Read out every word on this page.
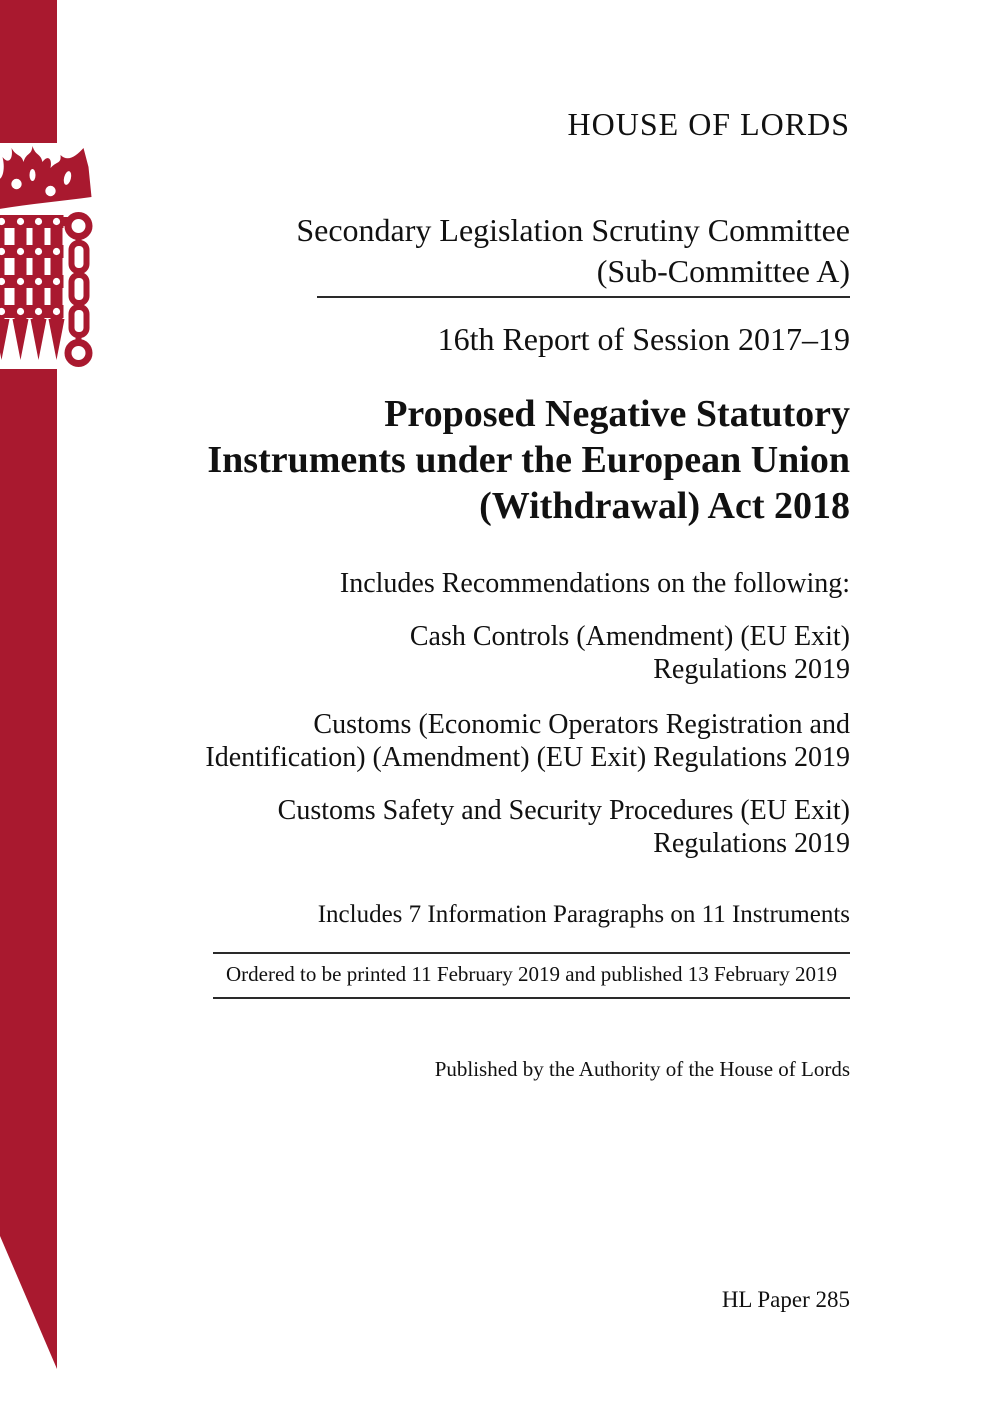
HOUSE OF LORDS
Secondary Legislation Scrutiny Committee
(Sub-Committee A)
16th Report of Session 2017–19
Proposed Negative Statutory
Instruments under the European Union
(Withdrawal) Act 2018
Includes Recommendations on the following:
Cash Controls (Amendment) (EU Exit)
Regulations 2019
Customs (Economic Operators Registration and
Identification) (Amendment) (EU Exit) Regulations 2019
Customs Safety and Security Procedures (EU Exit)
Regulations 2019
Includes 7 Information Paragraphs on 11 Instruments
Ordered to be printed 11 February 2019 and published 13 February 2019
Published by the Authority of the House of Lords
HL Paper 285
